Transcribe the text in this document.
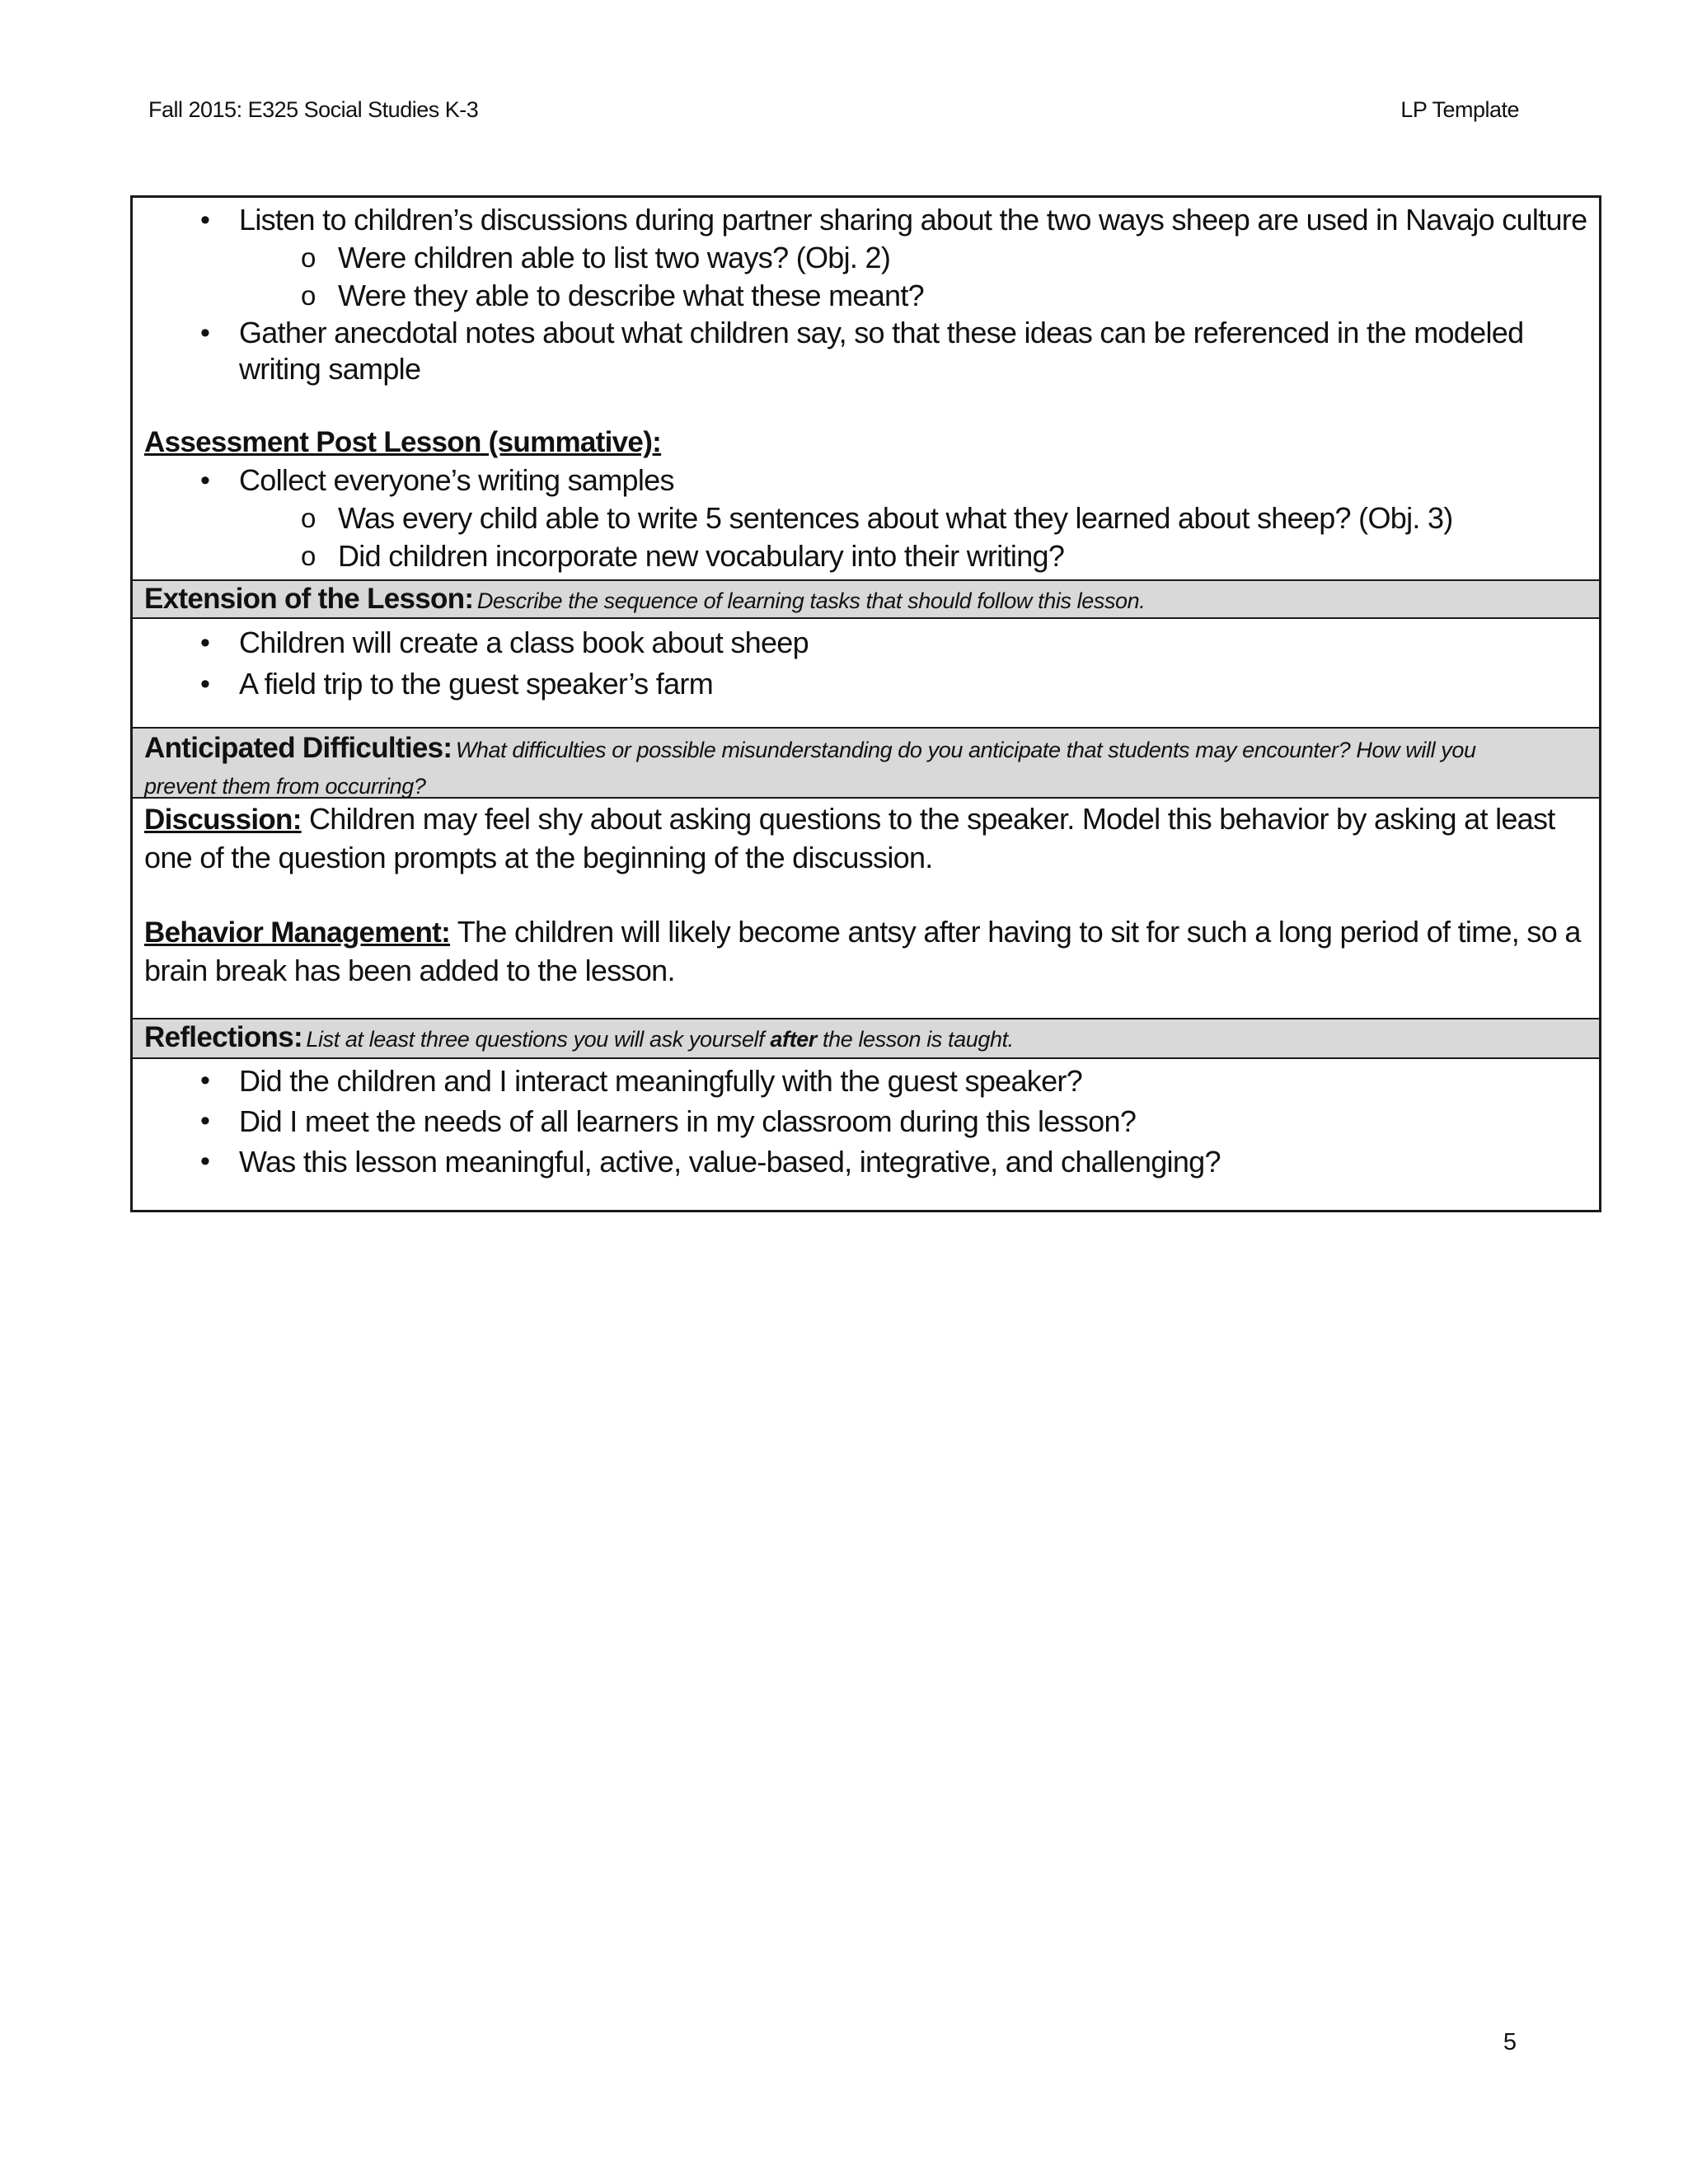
Fall 2015: E325 Social Studies K-3	LP Template
• Listen to children’s discussions during partner sharing about the two ways sheep are used in Navajo culture
o Were children able to list two ways? (Obj. 2)
o Were they able to describe what these meant?
• Gather anecdotal notes about what children say, so that these ideas can be referenced in the modeled writing sample
Assessment Post Lesson (summative):
• Collect everyone’s writing samples
o Was every child able to write 5 sentences about what they learned about sheep? (Obj. 3)
o Did children incorporate new vocabulary into their writing?
Extension of the Lesson: Describe the sequence of learning tasks that should follow this lesson.
• Children will create a class book about sheep
• A field trip to the guest speaker’s farm
Anticipated Difficulties: What difficulties or possible misunderstanding do you anticipate that students may encounter? How will you
prevent them from occurring?
Discussion: Children may feel shy about asking questions to the speaker. Model this behavior by asking at least one of the question prompts at the beginning of the discussion.
Behavior Management: The children will likely become antsy after having to sit for such a long period of time, so a brain break has been added to the lesson.
Reflections: List at least three questions you will ask yourself after the lesson is taught.
• Did the children and I interact meaningfully with the guest speaker?
• Did I meet the needs of all learners in my classroom during this lesson?
• Was this lesson meaningful, active, value-based, integrative, and challenging?
5
